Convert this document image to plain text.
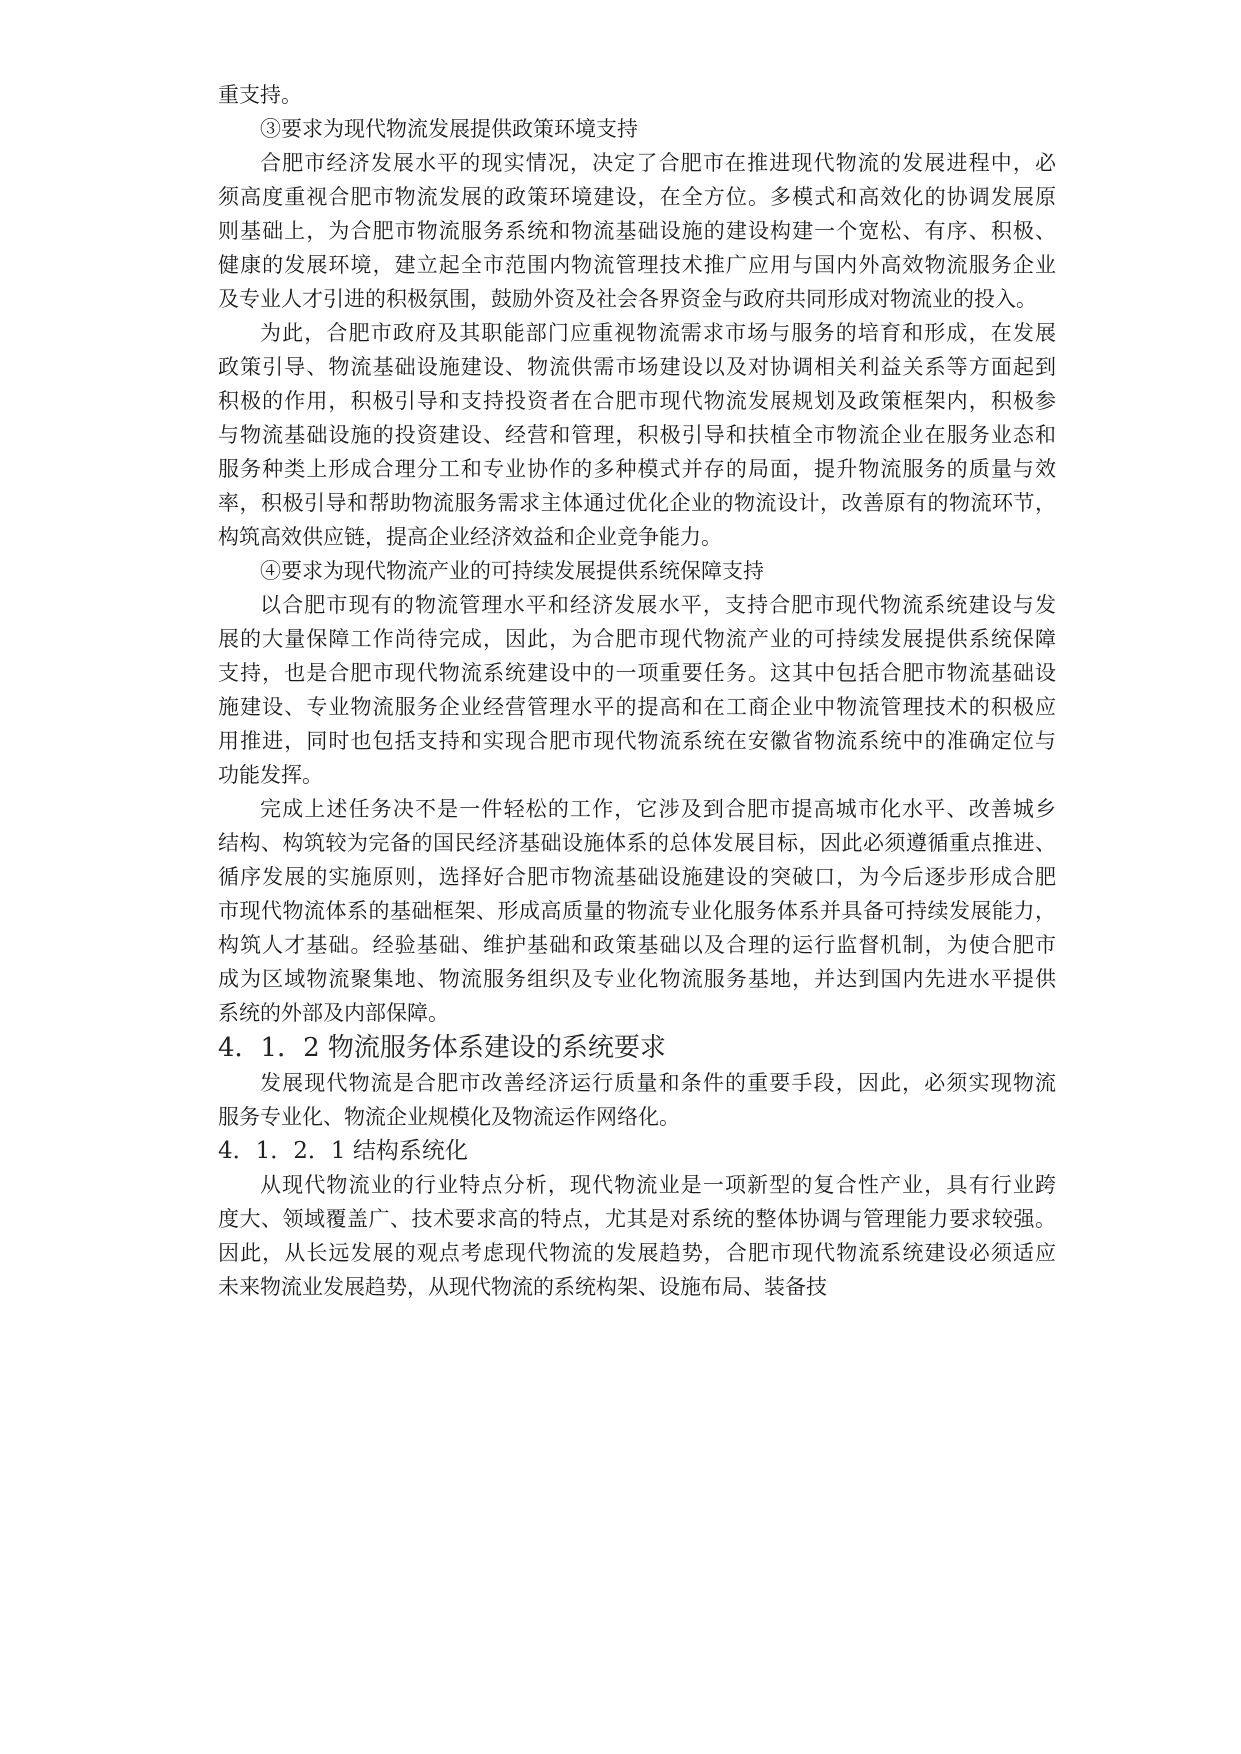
重支持。
③要求为现代物流发展提供政策环境支持
合肥市经济发展水平的现实情况，决定了合肥市在推进现代物流的发展进程中，必
须高度重视合肥市物流发展的政策环境建设，在全方位。多模式和高效化的协调发展原
则基础上，为合肥市物流服务系统和物流基础设施的建设构建一个宽松、有序、积极、
健康的发展环境，建立起全市范围内物流管理技术推广应用与国内外高效物流服务企业
及专业人才引进的积极氛围，鼓励外资及社会各界资金与政府共同形成对物流业的投入。
为此，合肥市政府及其职能部门应重视物流需求市场与服务的培育和形成，在发展
政策引导、物流基础设施建设、物流供需市场建设以及对协调相关利益关系等方面起到
积极的作用，积极引导和支持投资者在合肥市现代物流发展规划及政策框架内，积极参
与物流基础设施的投资建设、经营和管理，积极引导和扶植全市物流企业在服务业态和
服务种类上形成合理分工和专业协作的多种模式并存的局面，提升物流服务的质量与效
率，积极引导和帮助物流服务需求主体通过优化企业的物流设计，改善原有的物流环节，
构筑高效供应链，提高企业经济效益和企业竞争能力。
④要求为现代物流产业的可持续发展提供系统保障支持
以合肥市现有的物流管理水平和经济发展水平，支持合肥市现代物流系统建设与发
展的大量保障工作尚待完成，因此，为合肥市现代物流产业的可持续发展提供系统保障
支持，也是合肥市现代物流系统建设中的一项重要任务。这其中包括合肥市物流基础设
施建设、专业物流服务企业经营管理水平的提高和在工商企业中物流管理技术的积极应
用推进，同时也包括支持和实现合肥市现代物流系统在安徽省物流系统中的准确定位与
功能发挥。
完成上述任务决不是一件轻松的工作，它涉及到合肥市提高城市化水平、改善城乡
结构、构筑较为完备的国民经济基础设施体系的总体发展目标，因此必须遵循重点推进、
循序发展的实施原则，选择好合肥市物流基础设施建设的突破口，为今后逐步形成合肥
市现代物流体系的基础框架、形成高质量的物流专业化服务体系并具备可持续发展能力，
构筑人才基础。经验基础、维护基础和政策基础以及合理的运行监督机制，为使合肥市
成为区域物流聚集地、物流服务组织及专业化物流服务基地，并达到国内先进水平提供
系统的外部及内部保障。
4．1．2 物流服务体系建设的系统要求
发展现代物流是合肥市改善经济运行质量和条件的重要手段，因此，必须实现物流
服务专业化、物流企业规模化及物流运作网络化。
4．1．2．1 结构系统化
从现代物流业的行业特点分析，现代物流业是一项新型的复合性产业，具有行业跨
度大、领域覆盖广、技术要求高的特点，尤其是对系统的整体协调与管理能力要求较强。
因此，从长远发展的观点考虑现代物流的发展趋势，合肥市现代物流系统建设必须适应
未来物流业发展趋势，从现代物流的系统构架、设施布局、装备技
